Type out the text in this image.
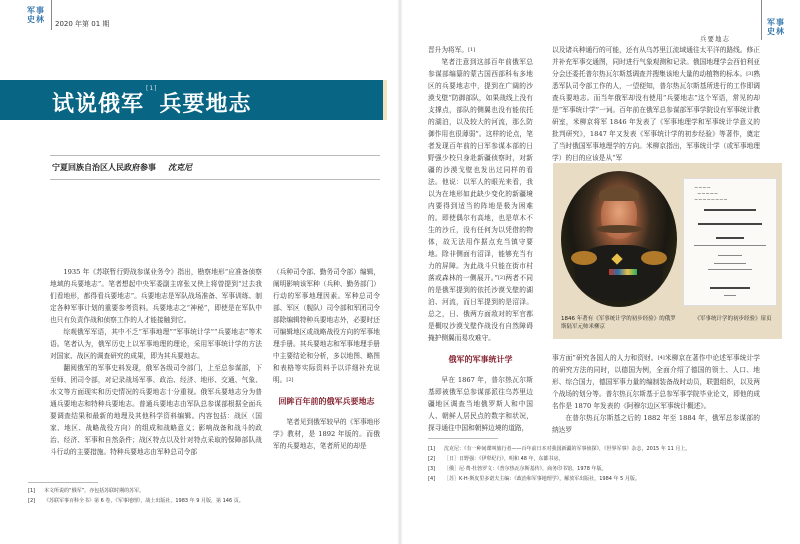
军事史林 2020 年第 01 期
试说俄军[1]兵要地志
宁夏回族自治区人民政府参事 沈克尼

1935 年《苏联暂行野战参谋业务令》指出，勘察地形“应准备侦察地域的兵要地志”。笔者想起中央军委副主席张又侠上将曾提到“过去我们看地形，都得看兵要地志”。兵要地志是军队战场准备、军事训练、制定各种军事计划的重要参考资料。兵要地志之“神秘”，即使是在军队中也只有负责作战和侦察工作的人才能接触到它。

综观俄军军语，其中不乏“军事地理”“军事统计学”“兵要地志”等术语。笔者认为，俄军历史上以军事地理的理论，采用军事统计学的方法对国家、战区的调查研究的成果，即为其兵要地志。

翻阅俄军的军事史料发现，俄军各级司令部门，上至总参谋部，下至师、团司令部，对记录战场军事、政治、经济、地形、交通、气象、水文等方面现实和历史情况的兵要地志十分重视。俄军兵要地志分为普通兵要地志和特种兵要地志。普通兵要地志由军队总参谋部根据全面兵要调查结果和最新的地理及其他科学资料编辑。内容包括：战区（国家、地区、战略战役方向）的组成和战略意义；影响战备和战斗的政治、经济、军事和自然条件；战区特点以及针对特点采取的保障部队战斗行动的主要措施。特种兵要地志由军种总司令部

（兵种司令部、勤务司令部）编辑，阐明影响该军种（兵种、勤务部门）行动的军事地理因素。军种总司令部、军区（舰队）司令部和军团司令部除编辑特种兵要地志外，必要时还可编辑地区或战略战役方向的军事地理手册。其兵要地志和军事地理手册中主要结论和分析，多以地图、略图和表格等实际资料予以详细补充说明。[2]

回眸百年前的俄军兵要地志

笔者见到俄军较早的《军事地形学》教材，是 1892 年版的。而俄军的兵要地志，笔者所见的却是

[1] 本文所说的“俄军”，亦包括苏联时期的苏军。
[2] 《苏联军事百科全书》第 6 卷，《军事地理》，战士出版社，1983 年 9 月版，第 146 页。
兵要地志
军事史林

晋升为将军。[1]

笔者注意到这部百年前俄军总参谋部编纂的蒙古国西部科布多地区的兵要地志中，提到在广阔的沙漠戈壁“防御部队，如果战线上没有支撑点，部队的侧翼也没有能依托的湖泊，以及较大的河流，那么防御作用也很薄弱”。这样的论点，笔者发现百年前的日军参谋本部的日野强少校只身赴新疆侦察时，对新疆的沙漠戈壁也发出过同样的看法。他说：以军人的眼光来看，我以为在地形如此缺少变化的新疆境内要得到适当的阵地是极为困难的。即使偶尔有高地，也是草木不生的沙丘，没有任何为以凭借的物体，故无法用作据点充当镇守要地。除非侧面有沼泽，能够充当有力的屏障。为此战斗只能在街市村落或森林的一侧展开。”[2]两者不同的是俄军提到的依托沙漠戈壁的湖泊、河流，而日军提到的是沼泽。总之，日、俄两方面敌对的军官都是概叹沙漠戈壁作战没有自然障碍掩护侧翼而易攻难守。

俄军的军事统计学

早在 1867 年，普尔热瓦尔斯基即被俄军总参谋部派往乌苏里边疆地区调查当地俄罗斯人和中国人、朝鲜人居民点的数字和状况，探寻通往中国和朝鲜边境的道路，

以及诸兵种通行的可能，还有从乌苏里江流域通往太平洋的路线。修正并补充军事交通图，同时进行气象观测和记录。俄国地理学会西伯利亚分会还委托普尔热瓦尔斯基调查并搜集该地大量的动植物的标本。[3]熟悉军队司令部工作的人，一望便知，普尔热瓦尔斯基所进行的工作即调查兵要地志。而当年俄军却没有使用“兵要地志”这个军语，常见的却是“军事统计学”一词。百年前在俄军总参谋部军事学院设有军事统计教研室，米柳京将军 1846 年发表了《军事地理学和军事统计学意义的批判研究》，1847 年又发表《军事统计学的初步经验》等著作，奠定了当时俄国军事地理学的方向。米柳京指出，军事统计学（或军事地理学）的目的应该是从“军

~~~~
~~~~~
~~~~~~~~
1846 年著有《军事统计学的初步经验》的俄罗斯陆军元帅米柳京
《军事统计学的初步经验》扉页

事方面”研究各国人的人力和资财。[4]米柳京在著作中论述军事统计学的研究方法的同时，以德国为例，全面介绍了德国的领土、人口、地形、综合国力，德国军事力量的编制装备战时动员，联盟组织，以及两个战场的划分等。普尔热瓦尔斯基于总参军事学院毕业论文，即他的成名作是 1870 年发表的《阿穆尔边区军事统计概述》。

在普尔热瓦尔斯基之后的 1882 年至 1884 年，俄军总参谋部的纳达罗

[1] 沈克尼：《有一种间谍叫旅行者——百年前日本对我国新疆的军事侦探》，《世界军事》杂志，2015 年 11 月上。
[2] ［日］日野强：《伊犁纪行》，明和 48 年，东都书房。
[3] ［俄］尼·费·杜勃罗文：《普尔热瓦尔斯基传》，商务印书馆，1978 年版。
[4] ［苏］K·H·斯皮里多诺夫主编：《政治和军事地理学》，解放军出版社，1984 年 5 月版。
